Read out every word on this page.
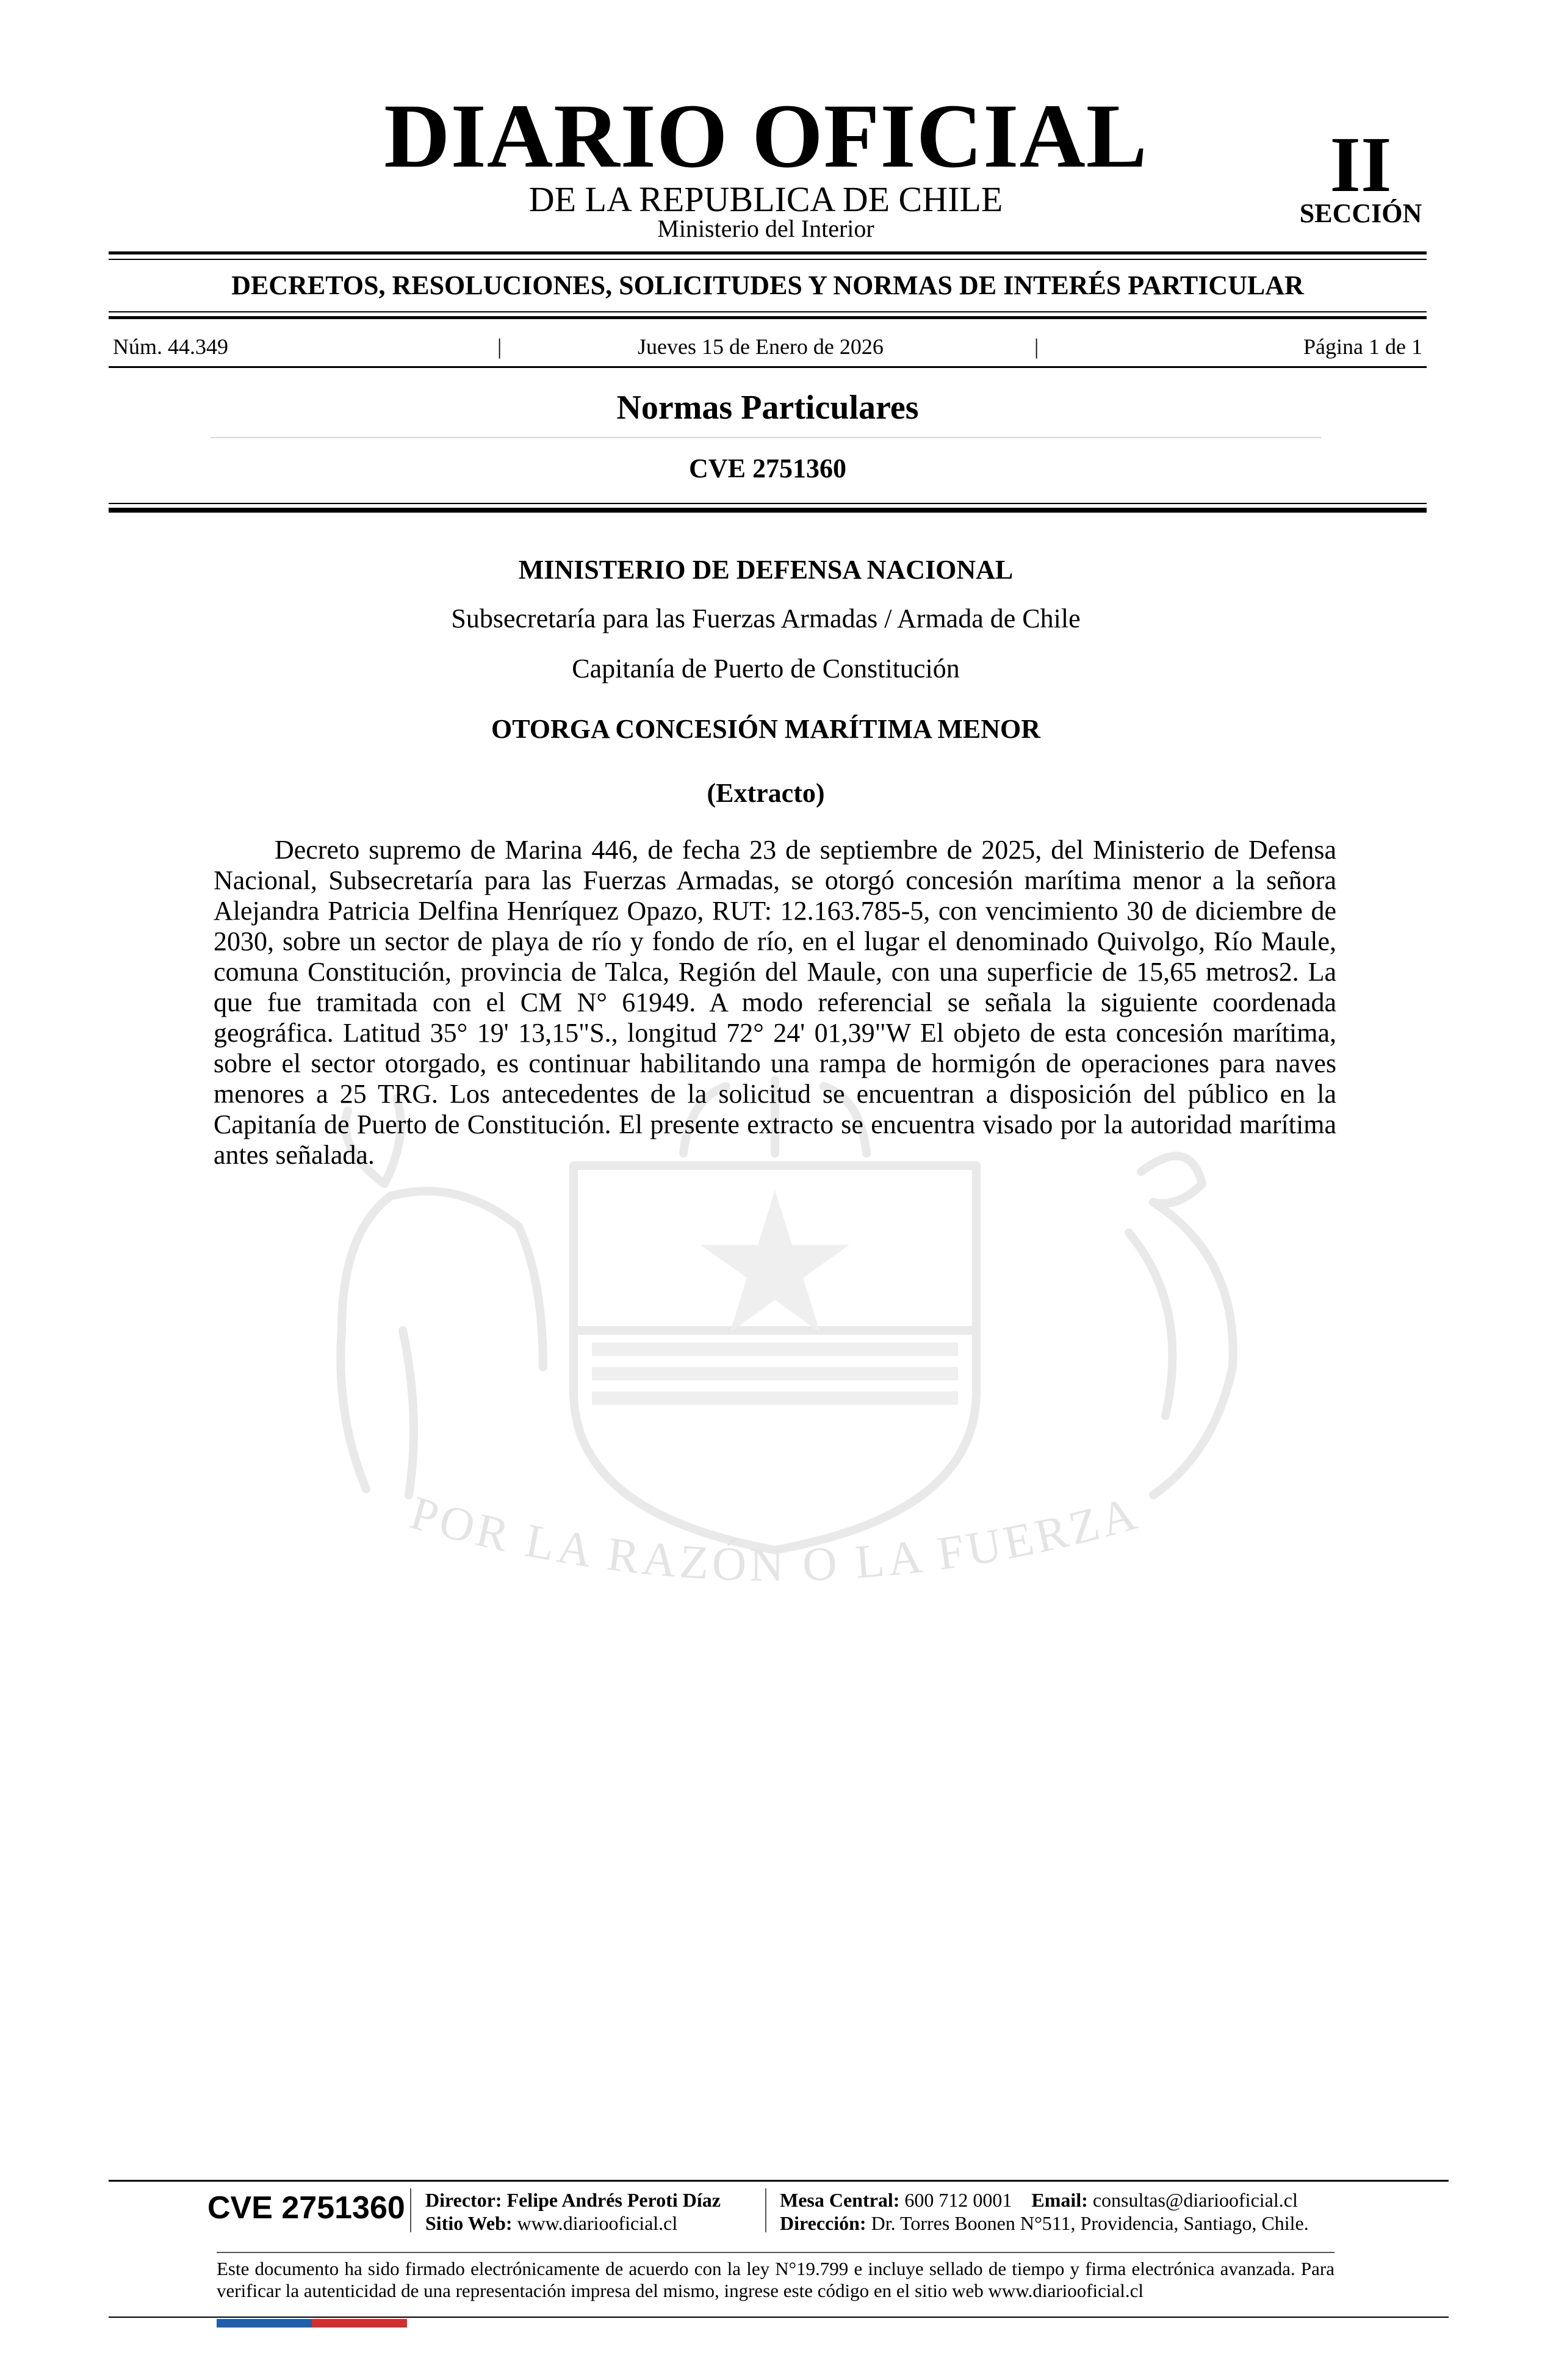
DIARIO OFICIAL
DE LA REPUBLICA DE CHILE
Ministerio del Interior
II
SECCIÓN
DECRETOS, RESOLUCIONES, SOLICITUDES Y NORMAS DE INTERÉS PARTICULAR
Núm. 44.349	|	Jueves 15 de Enero de 2026	|	Página 1 de 1
Normas Particulares
CVE 2751360
POR LA RAZÓN O LA FUERZA
MINISTERIO DE DEFENSA NACIONAL
Subsecretaría para las Fuerzas Armadas / Armada de Chile
Capitanía de Puerto de Constitución
OTORGA CONCESIÓN MARÍTIMA MENOR
(Extracto)

Decreto supremo de Marina 446, de fecha 23 de septiembre de 2025, del Ministerio de Defensa Nacional, Subsecretaría para las Fuerzas Armadas, se otorgó concesión marítima menor a la señora Alejandra Patricia Delfina Henríquez Opazo, RUT: 12.163.785-5, con vencimiento 30 de diciembre de 2030, sobre un sector de playa de río y fondo de río, en el lugar el denominado Quivolgo, Río Maule, comuna Constitución, provincia de Talca, Región del Maule, con una superficie de 15,65 metros2. La que fue tramitada con el CM N° 61949. A modo referencial se señala la siguiente coordenada geográfica. Latitud 35° 19' 13,15"S., longitud 72° 24' 01,39"W El objeto de esta concesión marítima, sobre el sector otorgado, es continuar habilitando una rampa de hormigón de operaciones para naves menores a 25 TRG. Los antecedentes de la solicitud se encuentran a disposición del público en la Capitanía de Puerto de Constitución. El presente extracto se encuentra visado por la autoridad marítima antes señalada.

CVE 2751360 Director: Felipe Andrés Peroti Díaz
Sitio Web: www.diariooficial.cl
Mesa Central: 600 712 0001 Email: consultas@diariooficial.cl
Dirección: Dr. Torres Boonen N°511, Providencia, Santiago, Chile.

Este documento ha sido firmado electrónicamente de acuerdo con la ley N°19.799 e incluye sellado de tiempo y firma electrónica avanzada. Para verificar la autenticidad de una representación impresa del mismo, ingrese este código en el sitio web www.diariooficial.cl
